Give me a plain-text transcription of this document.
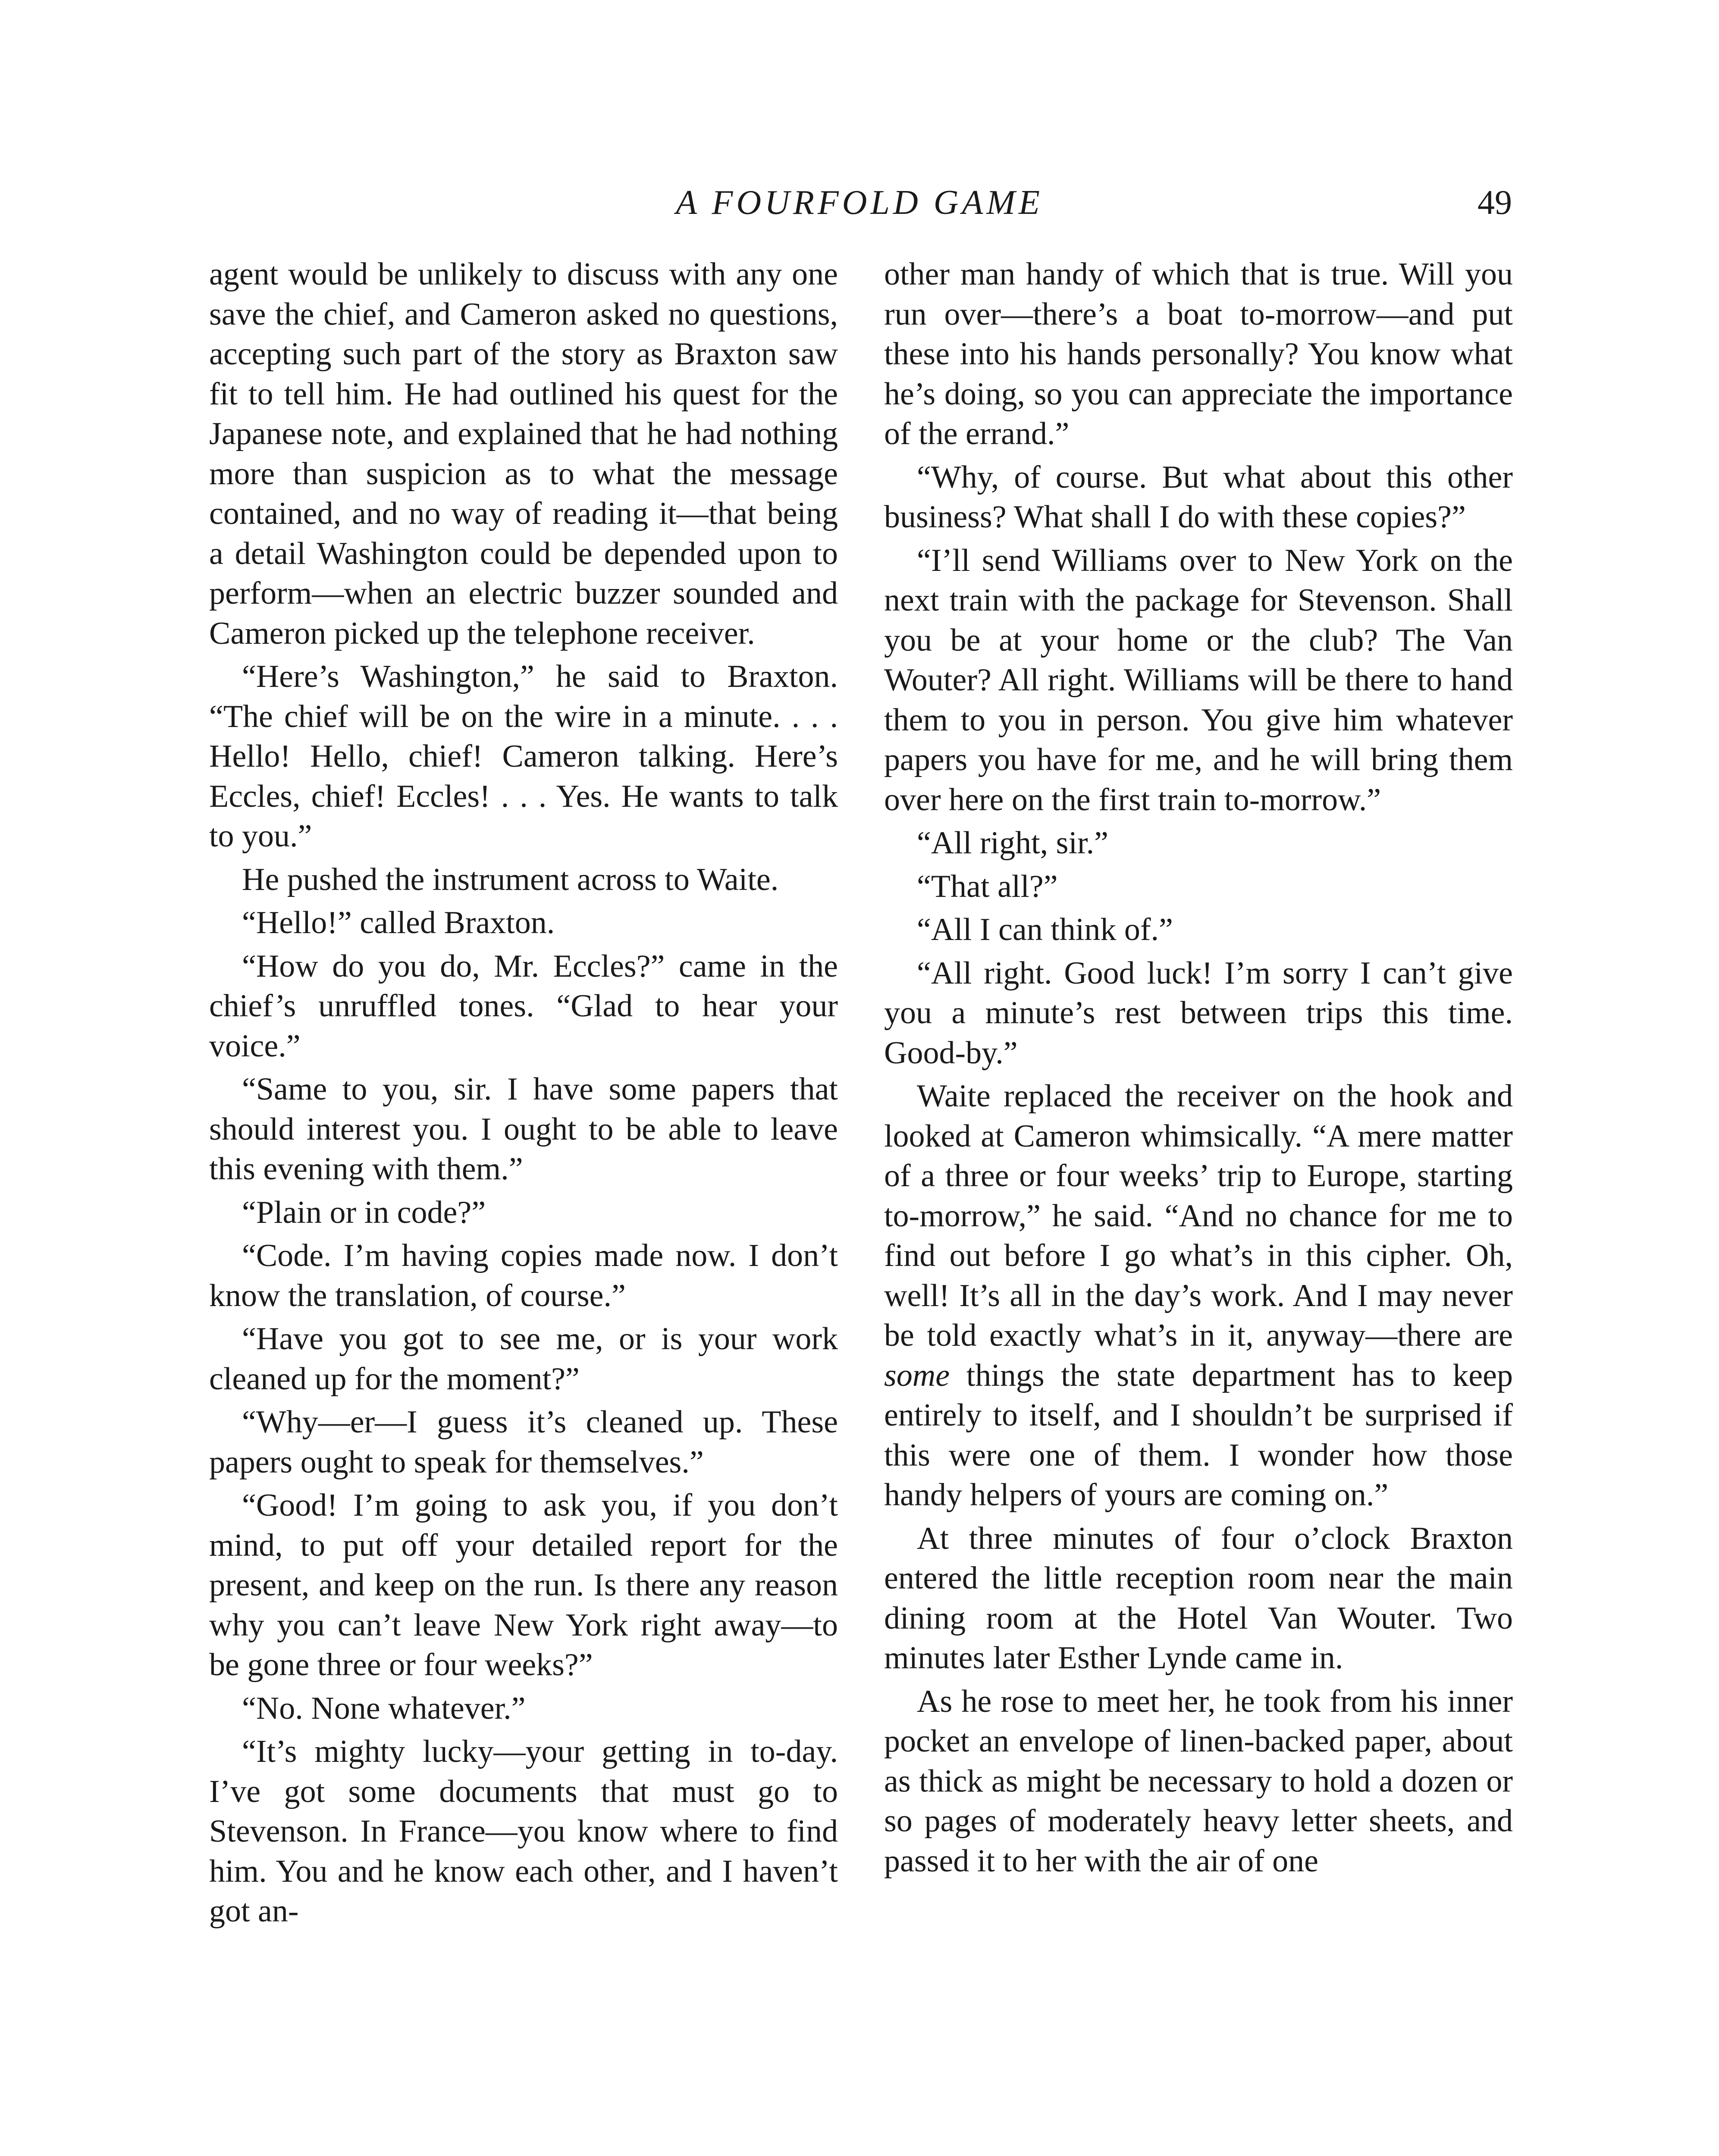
A FOURFOLD GAME	49

agent would be unlikely to discuss with any one save the chief, and Cameron asked no questions, accepting such part of the story as Braxton saw fit to tell him. He had outlined his quest for the Japanese note, and explained that he had nothing more than suspicion as to what the message contained, and no way of reading it—that being a detail Washington could be depended upon to perform—when an electric buzzer sounded and Cameron picked up the telephone receiver.

“Here’s Washington,” he said to Braxton. “The chief will be on the wire in a minute. . . . Hello! Hello, chief! Cameron talking. Here’s Eccles, chief! Eccles! . . . Yes. He wants to talk to you.”

He pushed the instrument across to Waite.

“Hello!” called Braxton.

“How do you do, Mr. Eccles?” came in the chief’s unruffled tones. “Glad to hear your voice.”

“Same to you, sir. I have some papers that should interest you. I ought to be able to leave this evening with them.”

“Plain or in code?”

“Code. I’m having copies made now. I don’t know the translation, of course.”

“Have you got to see me, or is your work cleaned up for the moment?”

“Why—er—I guess it’s cleaned up. These papers ought to speak for themselves.”

“Good! I’m going to ask you, if you don’t mind, to put off your detailed report for the present, and keep on the run. Is there any reason why you can’t leave New York right away—to be gone three or four weeks?”

“No. None whatever.”

“It’s mighty lucky—your getting in to-day. I’ve got some documents that must go to Stevenson. In France—you know where to find him. You and he know each other, and I haven’t got an-

other man handy of which that is true. Will you run over—there’s a boat to-morrow—and put these into his hands personally? You know what he’s doing, so you can appreciate the importance of the errand.”

“Why, of course. But what about this other business? What shall I do with these copies?”

“I’ll send Williams over to New York on the next train with the package for Stevenson. Shall you be at your home or the club? The Van Wouter? All right. Williams will be there to hand them to you in person. You give him whatever papers you have for me, and he will bring them over here on the first train to-morrow.”

“All right, sir.”

“That all?”

“All I can think of.”

“All right. Good luck! I’m sorry I can’t give you a minute’s rest between trips this time. Good-by.”

Waite replaced the receiver on the hook and looked at Cameron whimsically. “A mere matter of a three or four weeks’ trip to Europe, starting to-morrow,” he said. “And no chance for me to find out before I go what’s in this cipher. Oh, well! It’s all in the day’s work. And I may never be told exactly what’s in it, anyway—there are some things the state department has to keep entirely to itself, and I shouldn’t be surprised if this were one of them. I wonder how those handy helpers of yours are coming on.”

At three minutes of four o’clock Braxton entered the little reception room near the main dining room at the Hotel Van Wouter. Two minutes later Esther Lynde came in.

As he rose to meet her, he took from his inner pocket an envelope of linen-backed paper, about as thick as might be necessary to hold a dozen or so pages of moderately heavy letter sheets, and passed it to her with the air of one
